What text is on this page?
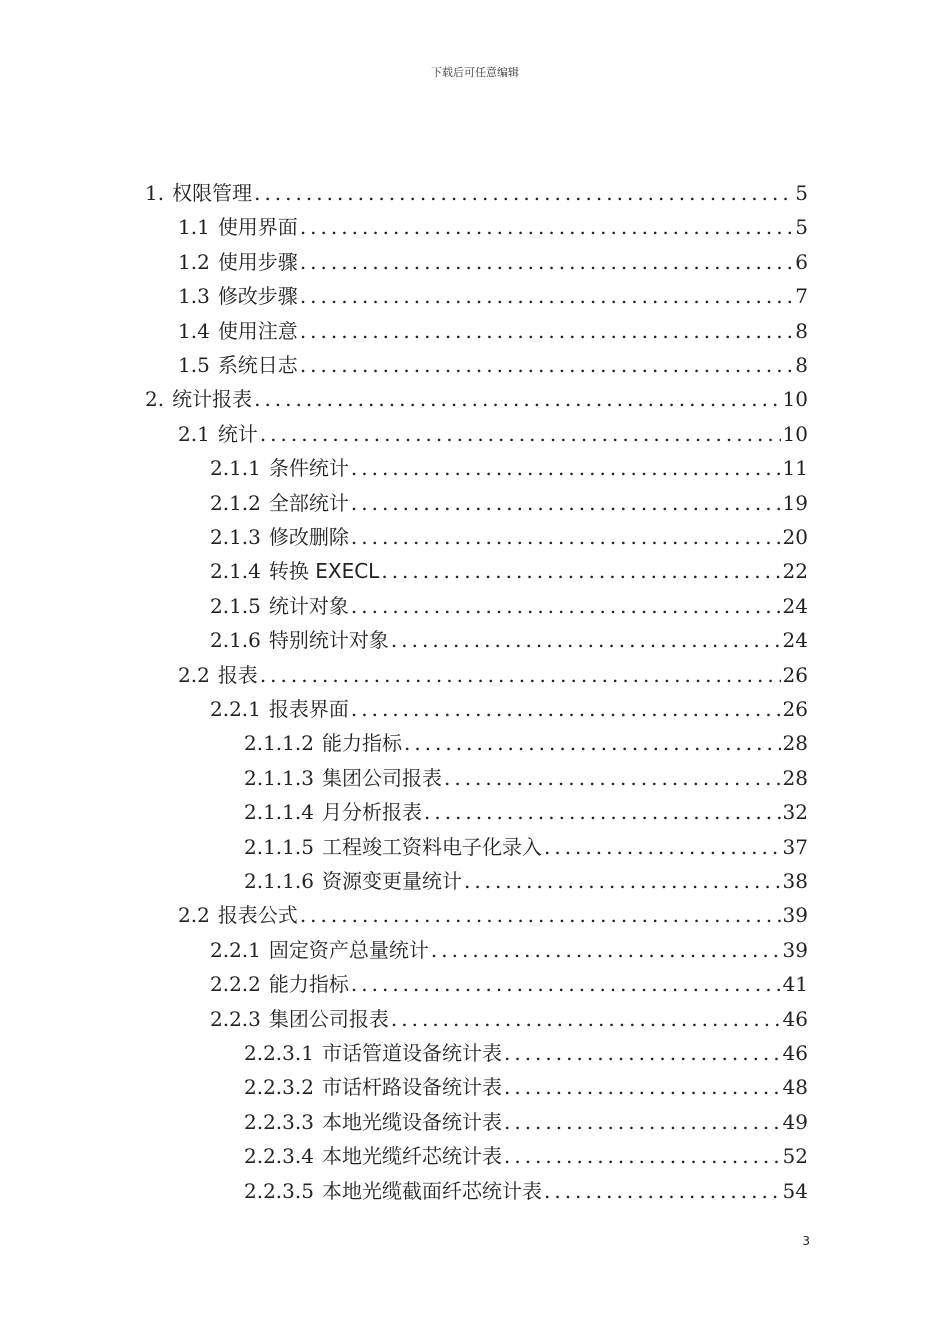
下载后可任意编辑
1. 权限管理 .....	5
1.1 使用界面 .....	5
1.2 使用步骤 .....	6
1.3 修改步骤 .....	7
1.4 使用注意 .....	8
1.5 系统日志 .....	8
2. 统计报表 .....	10
2.1 统计 .....	10
2.1.1 条件统计 .....	11
2.1.2 全部统计 .....	19
2.1.3 修改删除 .....	20
2.1.4 转换 EXECL .....	22
2.1.5 统计对象 .....	24
2.1.6 特别统计对象 .....	24
2.2 报表 .....	26
2.2.1 报表界面 .....	26
2.1.1.2 能力指标 .....	28
2.1.1.3 集团公司报表 .....	28
2.1.1.4 月分析报表 .....	32
2.1.1.5 工程竣工资料电子化录入 .....	37
2.1.1.6 资源变更量统计 .....	38
2.2 报表公式 .....	39
2.2.1 固定资产总量统计 .....	39
2.2.2 能力指标 .....	41
2.2.3 集团公司报表 .....	46
2.2.3.1 市话管道设备统计表 .....	46
2.2.3.2 市话杆路设备统计表 .....	48
2.2.3.3 本地光缆设备统计表 .....	49
2.2.3.4 本地光缆纤芯统计表 .....	52
2.2.3.5 本地光缆截面纤芯统计表 .....	54
3
